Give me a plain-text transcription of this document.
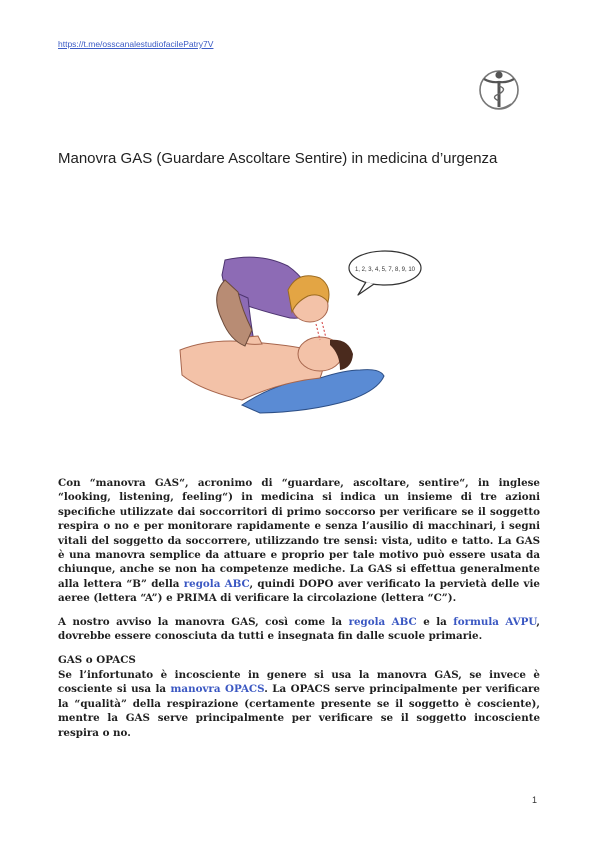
https://t.me/osscanalestudiofacilePatry7V
Manovra GAS (Guardare Ascoltare Sentire) in medicina d’urgenza
1, 2, 3, 4, 5, 7, 8, 9, 10

Con “manovra GAS“, acronimo di “guardare, ascoltare, sentire“, in inglese “looking, listening, feeling“) in medicina si indica un insieme di tre azioni specifiche utilizzate dai soccorritori di primo soccorso per verificare se il soggetto respira o no e per monitorare rapidamente e senza l’ausilio di macchinari, i segni vitali del soggetto da soccorrere, utilizzando tre sensi: vista, udito e tatto. La GAS è una manovra semplice da attuare e proprio per tale motivo può essere usata da chiunque, anche se non ha competenze mediche. La GAS si effettua generalmente alla lettera “B” della regola ABC, quindi DOPO aver verificato la pervietà delle vie aeree (lettera “A”) e PRIMA di verificare la circolazione (lettera “C”).

A nostro avviso la manovra GAS, così come la regola ABC e la formula AVPU, dovrebbe essere conosciuta da tutti e insegnata fin dalle scuole primarie.

GAS o OPACS

Se l’infortunato è incosciente in genere si usa la manovra GAS, se invece è cosciente si usa la manovra OPACS. La OPACS serve principalmente per verificare la “qualità” della respirazione (certamente presente se il soggetto è cosciente), mentre la GAS serve principalmente per verificare se il soggetto incosciente respira o no.

1
